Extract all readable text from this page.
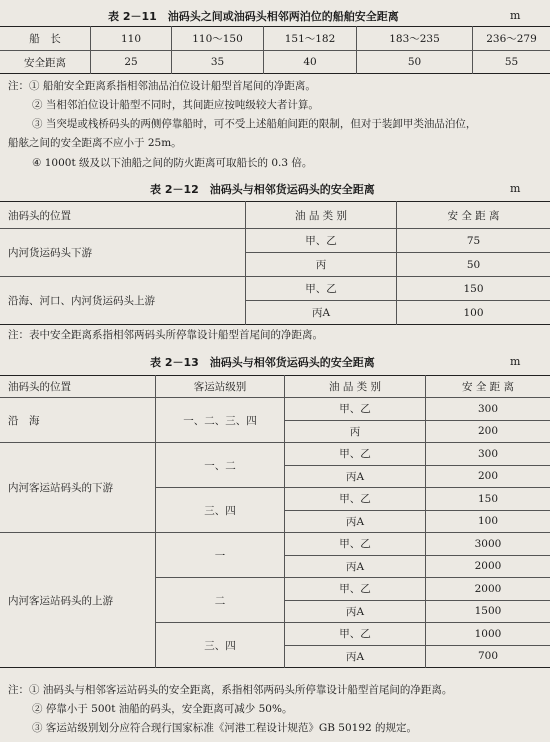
表 2－11　油码头之间或油码头相邻两泊位的船舶安全距离	m
船　长	110	110～150	151～182	183～235	236～279
安全距离	25	35	40	50	55
注：① 船舶安全距离系指相邻油品泊位设计船型首尾间的净距离。
② 当相邻泊位设计船型不同时，其间距应按吨级较大者计算。
③ 当突堤或栈桥码头的两侧停靠船时，可不受上述船舶间距的限制，但对于装卸甲类油品泊位，
船舷之间的安全距离不应小于 25m。
④ 1000t 级及以下油船之间的防火距离可取船长的 0.3 倍。
表 2－12　油码头与相邻货运码头的安全距离	m
油码头的位置	油 品 类 别	安 全 距 离
内河货运码头下游	甲、乙	75
	丙	50
沿海、河口、内河货运码头上游	甲、乙	150
	丙A	100
注：表中安全距离系指相邻两码头所停靠设计船型首尾间的净距离。
表 2－13　油码头与相邻货运码头的安全距离	m
油码头的位置	客运站级别	油 品 类 别	安 全 距 离
沿　海	一、二、三、四	甲、乙	300
		丙	200
内河客运站码头的下游	一、二	甲、乙	300
		丙A	200
	三、四	甲、乙	150
		丙A	100
内河客运站码头的上游	一	甲、乙	3000
		丙A	2000
	二	甲、乙	2000
		丙A	1500
	三、四	甲、乙	1000
		丙A	700
注：① 油码头与相邻客运站码头的安全距离，系指相邻两码头所停靠设计船型首尾间的净距离。
② 停靠小于 500t 油船的码头，安全距离可减少 50%。
③ 客运站级别划分应符合现行国家标准《河港工程设计规范》GB 50192 的规定。
